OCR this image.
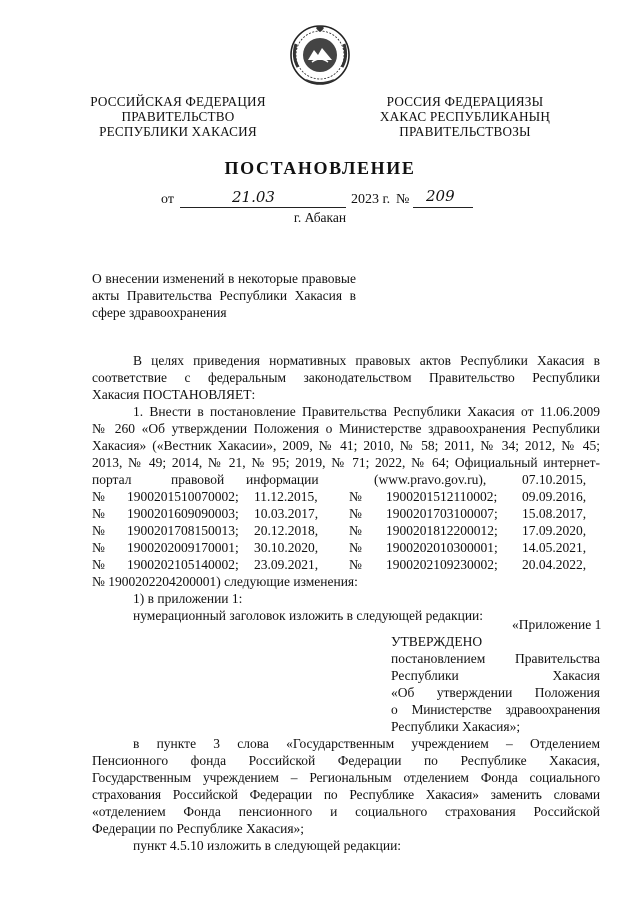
РОССИЙСКАЯ ФЕДЕРАЦИЯ
ПРАВИТЕЛЬСТВО
РЕСПУБЛИКИ ХАКАСИЯ
РОССИЯ ФЕДЕРАЦИЯЗЫ
ХАКАС РЕСПУБЛИКАНЫҢ
ПРАВИТЕЛЬСТВОЗЫ
ПОСТАНОВЛЕНИЕ
от	21.03	2023 г. № 209
г. Абакан
О внесении изменений в некоторые правовые акты Правительства Республики Хакасия в сфере здравоохранения
В целях приведения нормативных правовых актов Республики Хакасия в
соответствие с федеральным законодательством Правительство Республики
Хакасия ПОСТАНОВЛЯЕТ:
1. Внести в постановление Правительства Республики Хакасия от 11.06.2009
№ 260 «Об утверждении Положения о Министерстве здравоохранения Республики
Хакасия» («Вестник Хакасии», 2009, № 41; 2010, № 58; 2011, № 34; 2012, № 45;
2013, № 49; 2014, № 21, № 95; 2019, № 71; 2022, № 64; Официальный интернет-
портал	правовой информации	(www.pravo.gov.ru),	07.10.2015,
№ 1900201510070002; 11.12.2015, № 1900201512110002; 09.09.2016,
№ 1900201609090003; 10.03.2017, № 1900201703100007; 15.08.2017,
№ 1900201708150013; 20.12.2018, № 1900201812200012; 17.09.2020,
№ 1900202009170001; 30.10.2020, № 1900202010300001; 14.05.2021,
№ 1900202105140002; 23.09.2021, № 1900202109230002; 20.04.2022,
№ 1900202204200001) следующие изменения:
1) в приложении 1:
нумерационный заголовок изложить в следующей редакции:
«Приложение 1
УТВЕРЖДЕНО
постановлением Правительства
Республики Хакасия
«Об утверждении Положения
о Министерстве здравоохранения
Республики Хакасия»;
в пункте 3 слова «Государственным учреждением – Отделением
Пенсионного фонда Российской Федерации по Республике Хакасия,
Государственным учреждением – Региональным отделением Фонда социального
страхования Российской Федерации по Республике Хакасия» заменить словами
«отделением Фонда пенсионного и социального страхования Российской
Федерации по Республике Хакасия»;
пункт 4.5.10 изложить в следующей редакции:
